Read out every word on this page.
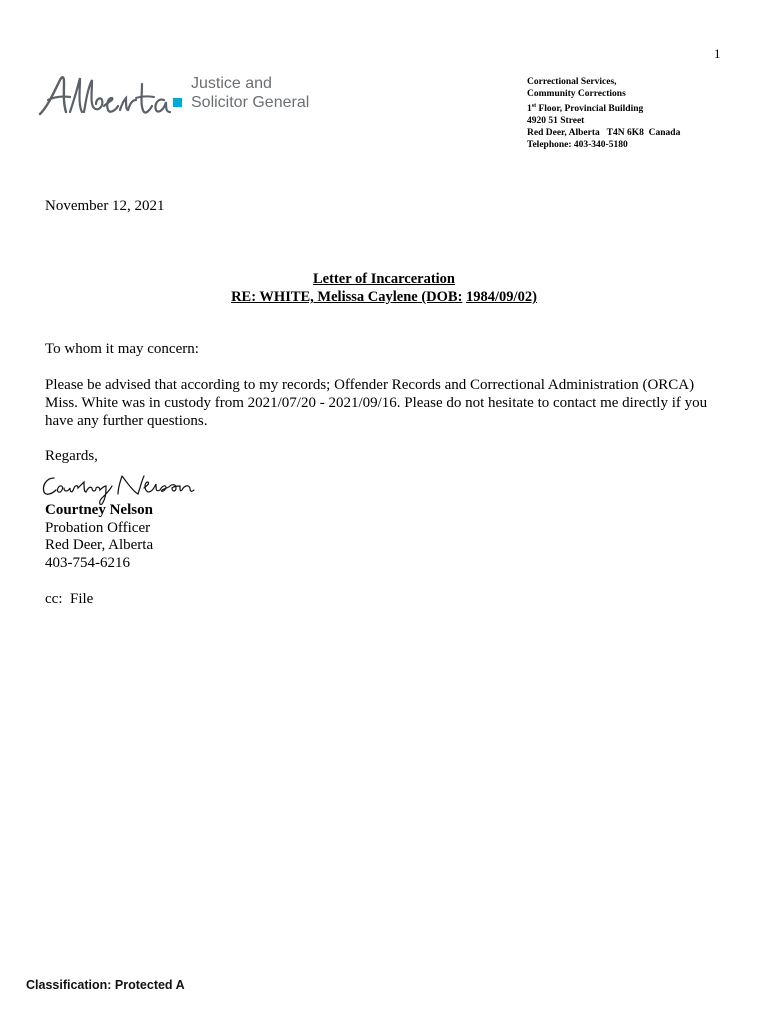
1
Justice and
Solicitor General
Correctional Services,
Community Corrections
1st Floor, Provincial Building
4920 51 Street
Red Deer, Alberta   T4N 6K8  Canada
Telephone: 403-340-5180
November 12, 2021
Letter of Incarceration
RE: WHITE, Melissa Caylene (DOB: 1984/09/02)
To whom it may concern:
Please be advised that according to my records; Offender Records and Correctional Administration (ORCA) Miss. White was in custody from 2021/07/20 - 2021/09/16. Please do not hesitate to contact me directly if you have any further questions.
Regards,
Courtney Nelson
Probation Officer
Red Deer, Alberta
403-754-6216
cc:  File
Classification: Protected A
